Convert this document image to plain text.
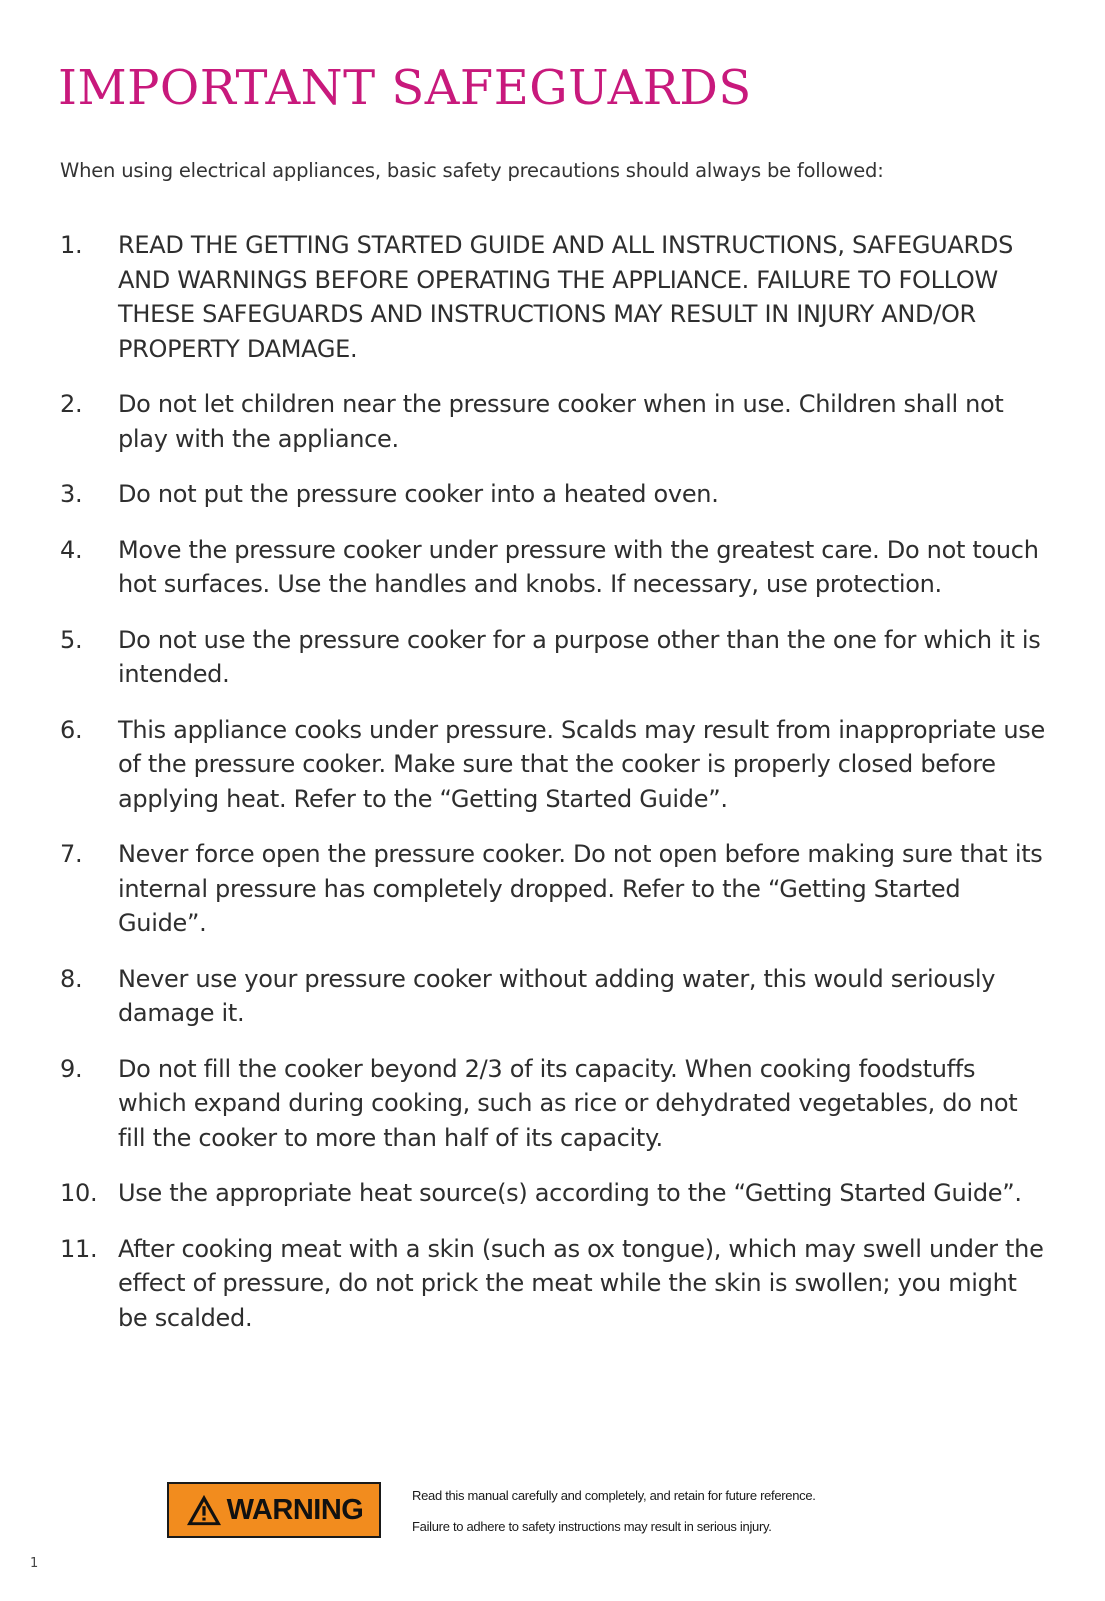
IMPORTANT SAFEGUARDS

When using electrical appliances, basic safety precautions should always be followed:

1. READ THE GETTING STARTED GUIDE AND ALL INSTRUCTIONS, SAFEGUARDS AND WARNINGS BEFORE OPERATING THE APPLIANCE. FAILURE TO FOLLOW THESE SAFEGUARDS AND INSTRUCTIONS MAY RESULT IN INJURY AND/OR PROPERTY DAMAGE.
2. Do not let children near the pressure cooker when in use. Children shall not play with the appliance.
3. Do not put the pressure cooker into a heated oven.
4. Move the pressure cooker under pressure with the greatest care. Do not touch hot surfaces. Use the handles and knobs. If necessary, use protection.
5. Do not use the pressure cooker for a purpose other than the one for which it is intended.
6. This appliance cooks under pressure. Scalds may result from inappropriate use of the pressure cooker. Make sure that the cooker is properly closed before applying heat. Refer to the “Getting Started Guide”.
7. Never force open the pressure cooker. Do not open before making sure that its internal pressure has completely dropped. Refer to the “Getting Started Guide”.
8. Never use your pressure cooker without adding water, this would seriously damage it.
9. Do not fill the cooker beyond 2/3 of its capacity. When cooking foodstuffs which expand during cooking, such as rice or dehydrated vegetables, do not fill the cooker to more than half of its capacity.
10. Use the appropriate heat source(s) according to the “Getting Started Guide”.
11. After cooking meat with a skin (such as ox tongue), which may swell under the effect of pressure, do not prick the meat while the skin is swollen; you might be scalded.
WARNING	Read this manual carefully and completely, and retain for future reference.

Failure to adhere to safety instructions may result in serious injury.

1
